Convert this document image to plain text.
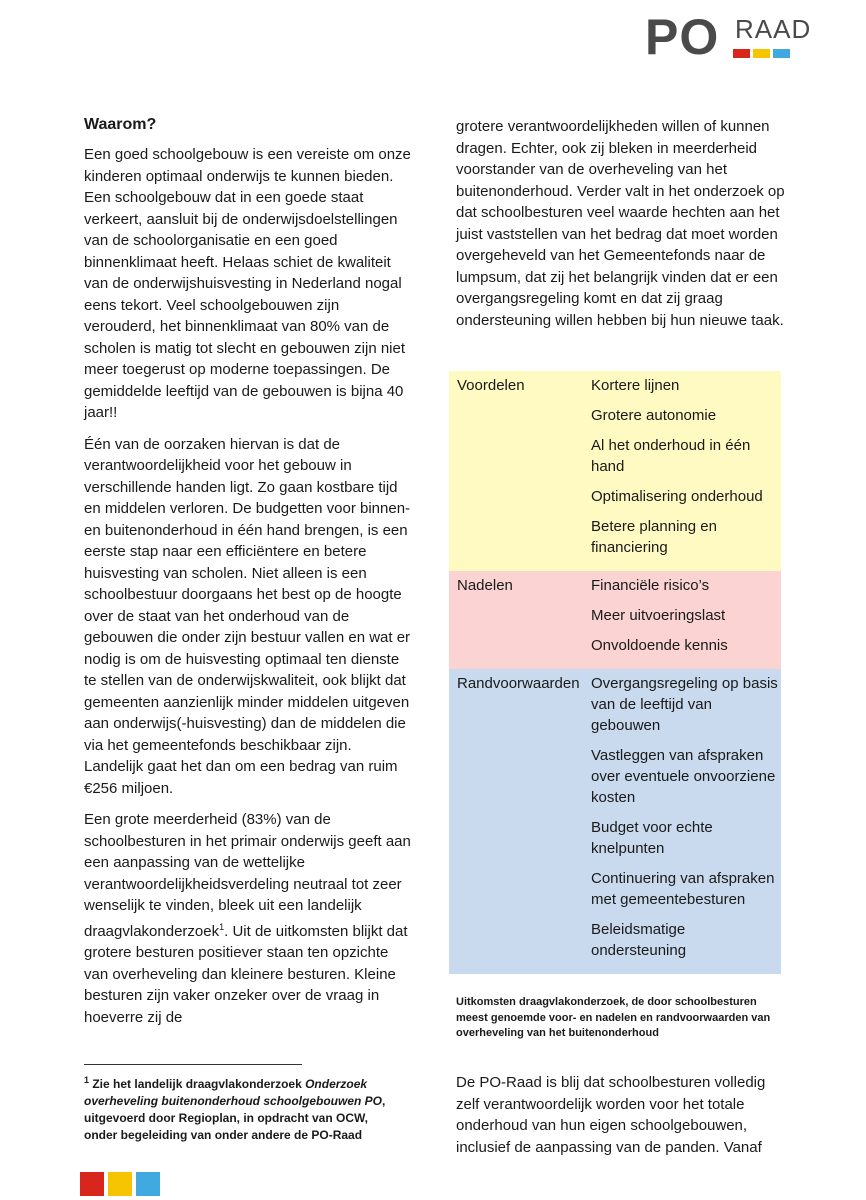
PO RAAD
Waarom?

Een goed schoolgebouw is een vereiste om onze kinderen optimaal onderwijs te kunnen bieden. Een schoolgebouw dat in een goede staat verkeert, aansluit bij de onderwijsdoelstellingen van de schoolorganisatie en een goed binnenklimaat heeft. Helaas schiet de kwaliteit van de onderwijshuisvesting in Nederland nogal eens tekort. Veel schoolgebouwen zijn verouderd, het binnenklimaat van 80% van de scholen is matig tot slecht en gebouwen zijn niet meer toegerust op moderne toepassingen. De gemiddelde leeftijd van de gebouwen is bijna 40 jaar!!

Één van de oorzaken hiervan is dat de verantwoordelijkheid voor het gebouw in verschillende handen ligt. Zo gaan kostbare tijd en middelen verloren. De budgetten voor binnen- en buitenonderhoud in één hand brengen, is een eerste stap naar een efficiëntere en betere huisvesting van scholen. Niet alleen is een schoolbestuur doorgaans het best op de hoogte over de staat van het onderhoud van de gebouwen die onder zijn bestuur vallen en wat er nodig is om de huisvesting optimaal ten dienste te stellen van de onderwijskwaliteit, ook blijkt dat gemeenten aanzienlijk minder middelen uitgeven aan onderwijs(-huisvesting) dan de middelen die via het gemeentefonds beschikbaar zijn. Landelijk gaat het dan om een bedrag van ruim €256 miljoen.

Een grote meerderheid (83%) van de schoolbesturen in het primair onderwijs geeft aan een aanpassing van de wettelijke verantwoordelijkheidsverdeling neutraal tot zeer wenselijk te vinden, bleek uit een landelijk draagvlakonderzoek$^1$. Uit de uitkomsten blijkt dat grotere besturen positiever staan ten opzichte van overheveling dan kleinere besturen. Kleine besturen zijn vaker onzeker over de vraag in hoeverre zij de

$^1$ Zie het landelijk draagvlakonderzoek Onderzoek overheveling buitenonderhoud schoolgebouwen PO, uitgevoerd door Regioplan, in opdracht van OCW, onder begeleiding van onder andere de PO-Raad

grotere verantwoordelijkheden willen of kunnen dragen. Echter, ook zij bleken in meerderheid voorstander van de overheveling van het buitenonderhoud. Verder valt in het onderzoek op dat schoolbesturen veel waarde hechten aan het juist vaststellen van het bedrag dat moet worden overgeheveld van het Gemeentefonds naar de lumpsum, dat zij het belangrijk vinden dat er een overgangsregeling komt en dat zij graag ondersteuning willen hebben bij hun nieuwe taak.

Voordelen	Kortere lijnen
Grotere autonomie
Al het onderhoud in één hand
Optimalisering onderhoud
Betere planning en financiering
Nadelen	Financiële risico’s
Meer uitvoeringslast
Onvoldoende kennis
Randvoorwaarden Overgangsregeling op basis van de leeftijd van gebouwen
Vastleggen van afspraken over eventuele onvoorziene kosten
Budget voor echte knelpunten
Continuering van afspraken met gemeentebesturen
Beleidsmatige ondersteuning
Uitkomsten draagvlakonderzoek, de door schoolbesturen meest genoemde voor- en nadelen en randvoorwaarden van overheveling van het buitenonderhoud
De PO-Raad is blij dat schoolbesturen volledig zelf verantwoordelijk worden voor het totale onderhoud van hun eigen schoolgebouwen, inclusief de aanpassing van de panden. Vanaf
